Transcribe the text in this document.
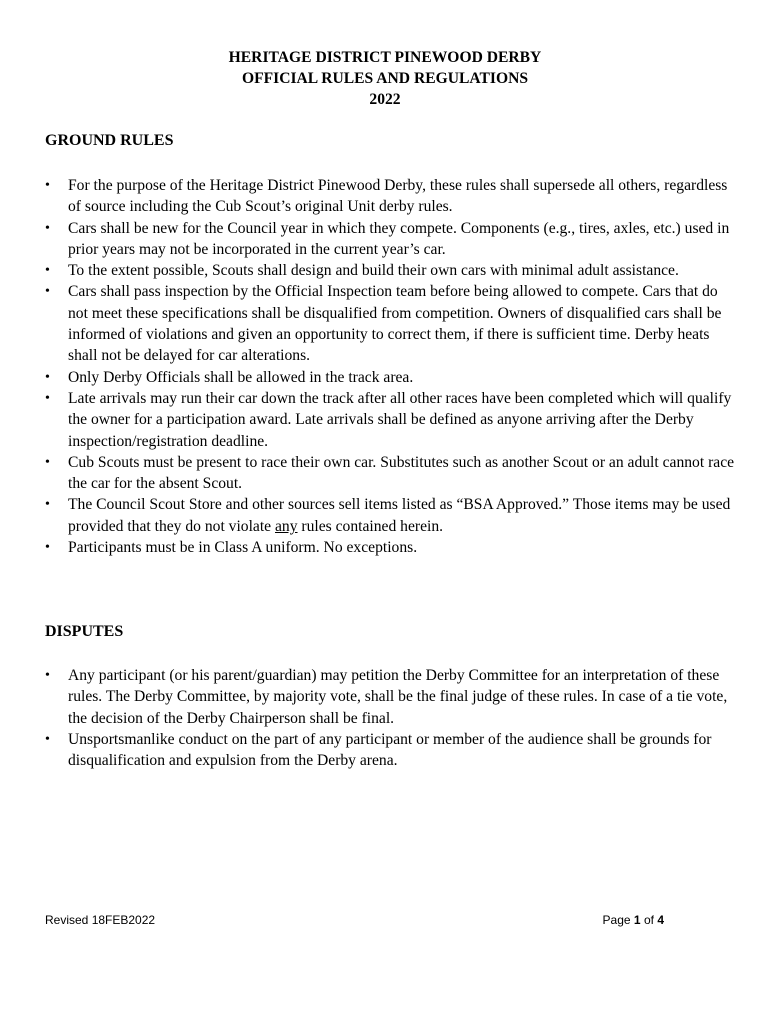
HERITAGE DISTRICT PINEWOOD DERBY
OFFICIAL RULES AND REGULATIONS
2022
GROUND RULES
•	For the purpose of the Heritage District Pinewood Derby, these rules shall supersede all others, regardless of source including the Cub Scout’s original Unit derby rules.
•	Cars shall be new for the Council year in which they compete. Components (e.g., tires, axles, etc.) used in prior years may not be incorporated in the current year’s car.
•	To the extent possible, Scouts shall design and build their own cars with minimal adult assistance.
•	Cars shall pass inspection by the Official Inspection team before being allowed to compete. Cars that do not meet these specifications shall be disqualified from competition. Owners of disqualified cars shall be informed of violations and given an opportunity to correct them, if there is sufficient time. Derby heats shall not be delayed for car alterations.
•	Only Derby Officials shall be allowed in the track area.
•	Late arrivals may run their car down the track after all other races have been completed which will qualify the owner for a participation award. Late arrivals shall be defined as anyone arriving after the Derby inspection/registration deadline.
•	Cub Scouts must be present to race their own car. Substitutes such as another Scout or an adult cannot race the car for the absent Scout.
•	The Council Scout Store and other sources sell items listed as “BSA Approved.” Those items may be used provided that they do not violate any rules contained herein.
•	Participants must be in Class A uniform. No exceptions.
DISPUTES
•	Any participant (or his parent/guardian) may petition the Derby Committee for an interpretation of these rules. The Derby Committee, by majority vote, shall be the final judge of these rules. In case of a tie vote, the decision of the Derby Chairperson shall be final.
•	Unsportsmanlike conduct on the part of any participant or member of the audience shall be grounds for disqualification and expulsion from the Derby arena.
Revised 18FEB2022	Page 1 of 4
